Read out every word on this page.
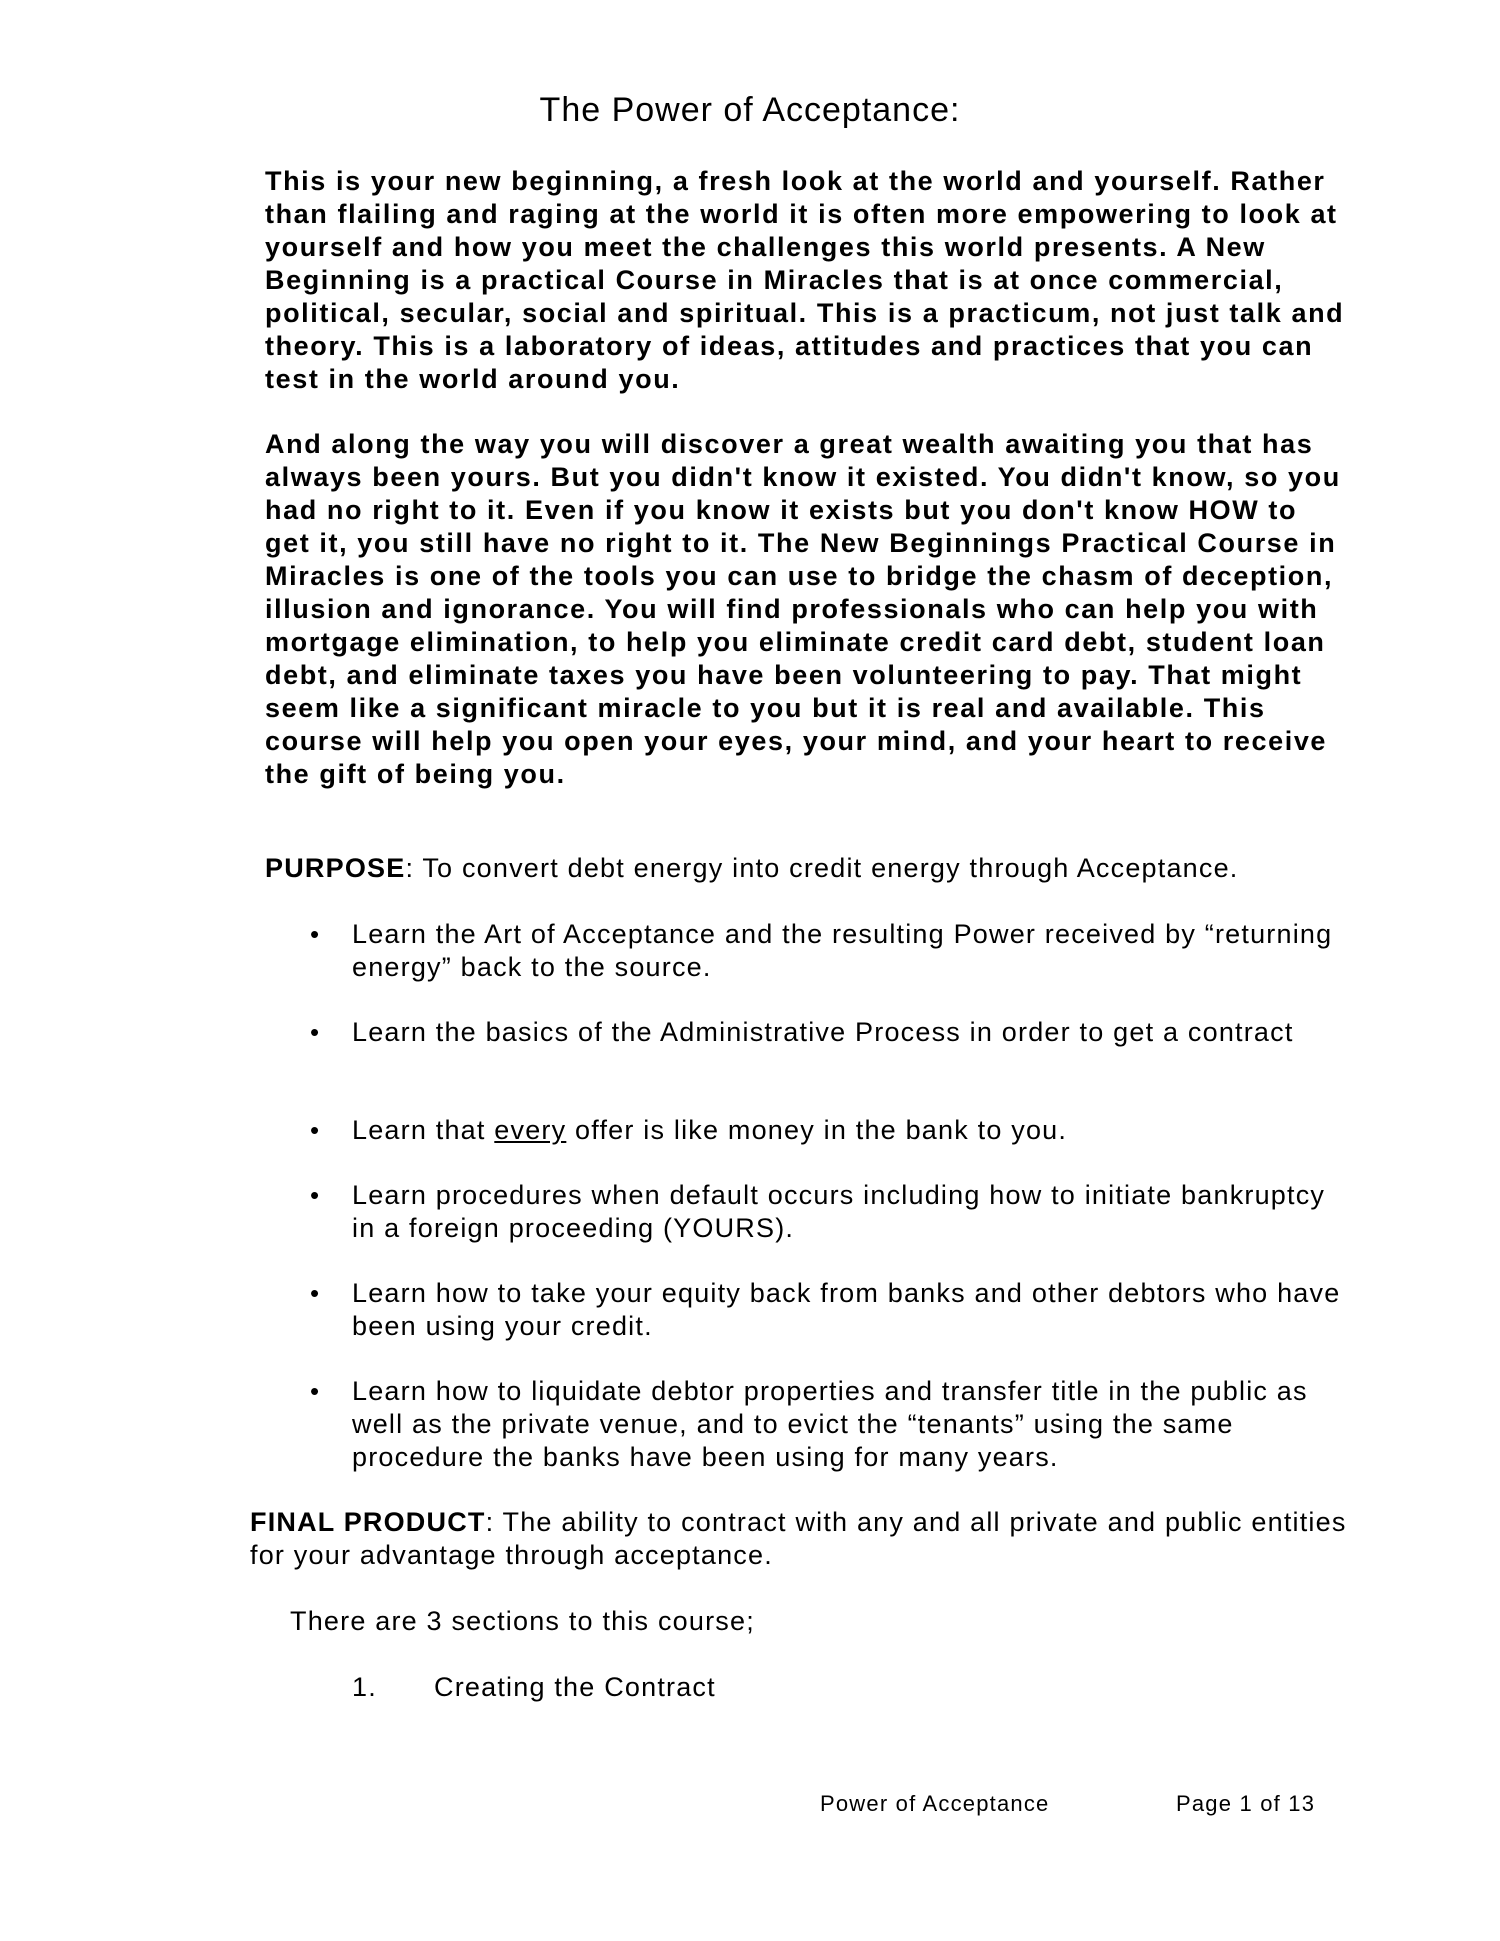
The Power of Acceptance:

This is your new beginning, a fresh look at the world and yourself. Rather than flailing and raging at the world it is often more empowering to look at yourself and how you meet the challenges this world presents. A New Beginning is a practical Course in Miracles that is at once commercial, political, secular, social and spiritual. This is a practicum, not just talk and theory. This is a laboratory of ideas, attitudes and practices that you can test in the world around you.

And along the way you will discover a great wealth awaiting you that has always been yours. But you didn't know it existed. You didn't know, so you had no right to it. Even if you know it exists but you don't know HOW to get it, you still have no right to it. The New Beginnings Practical Course in Miracles is one of the tools you can use to bridge the chasm of deception, illusion and ignorance. You will find professionals who can help you with mortgage elimination, to help you eliminate credit card debt, student loan debt, and eliminate taxes you have been volunteering to pay. That might seem like a significant miracle to you but it is real and available. This course will help you open your eyes, your mind, and your heart to receive the gift of being you.

PURPOSE: To convert debt energy into credit energy through Acceptance.

• Learn the Art of Acceptance and the resulting Power received by “returning energy” back to the source.
• Learn the basics of the Administrative Process in order to get a contract
• Learn that every offer is like money in the bank to you.
• Learn procedures when default occurs including how to initiate bankruptcy in a foreign proceeding (YOURS).
• Learn how to take your equity back from banks and other debtors who have been using your credit.
• Learn how to liquidate debtor properties and transfer title in the public as well as the private venue, and to evict the “tenants” using the same procedure the banks have been using for many years.

FINAL PRODUCT: The ability to contract with any and all private and public entities for your advantage through acceptance.

There are 3 sections to this course;

1. Creating the Contract
Power of Acceptance	Page 1 of 13
